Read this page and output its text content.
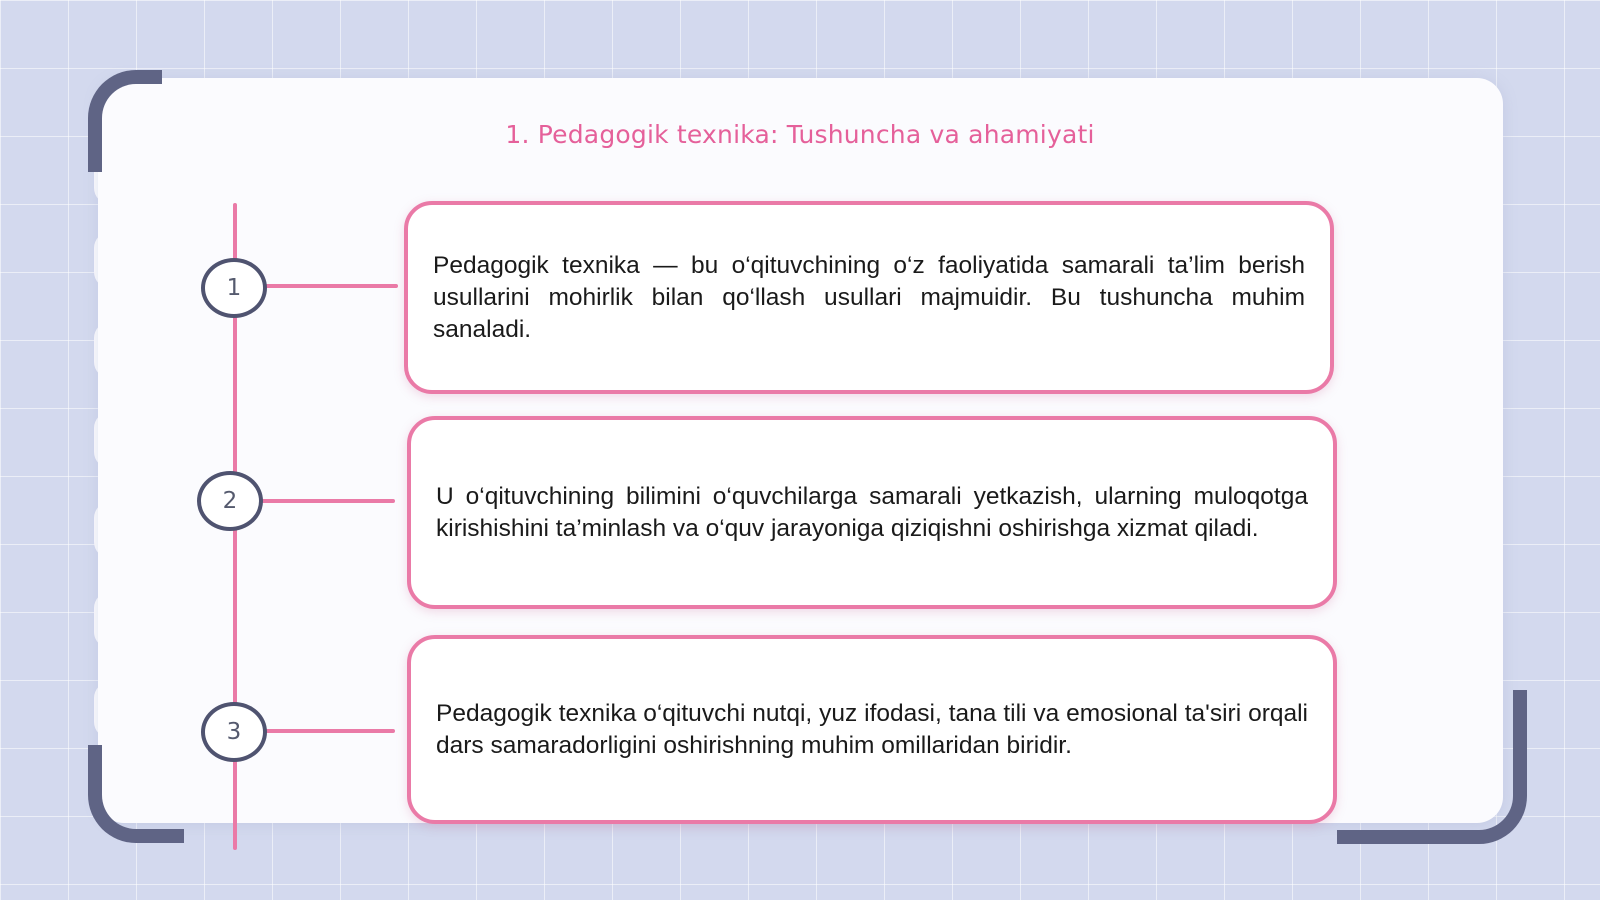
1. Pedagogik texnika: Tushuncha va ahamiyati
1

Pedagogik texnika — bu o‘qituvchining o‘z faoliyatida samarali ta’lim berish usullarini mohirlik bilan qo‘llash usullari majmuidir. Bu tushuncha muhim sanaladi.

2	U o‘qituvchining bilimini o‘quvchilarga samarali yetkazish, ularning muloqotga kirishishini ta’minlash va o‘quv jarayoniga qiziqishni oshirishga xizmat qiladi.

3

Pedagogik texnika o‘qituvchi nutqi, yuz ifodasi, tana tili va emosional ta'siri orqali dars samaradorligini oshirishning muhim omillaridan biridir.
